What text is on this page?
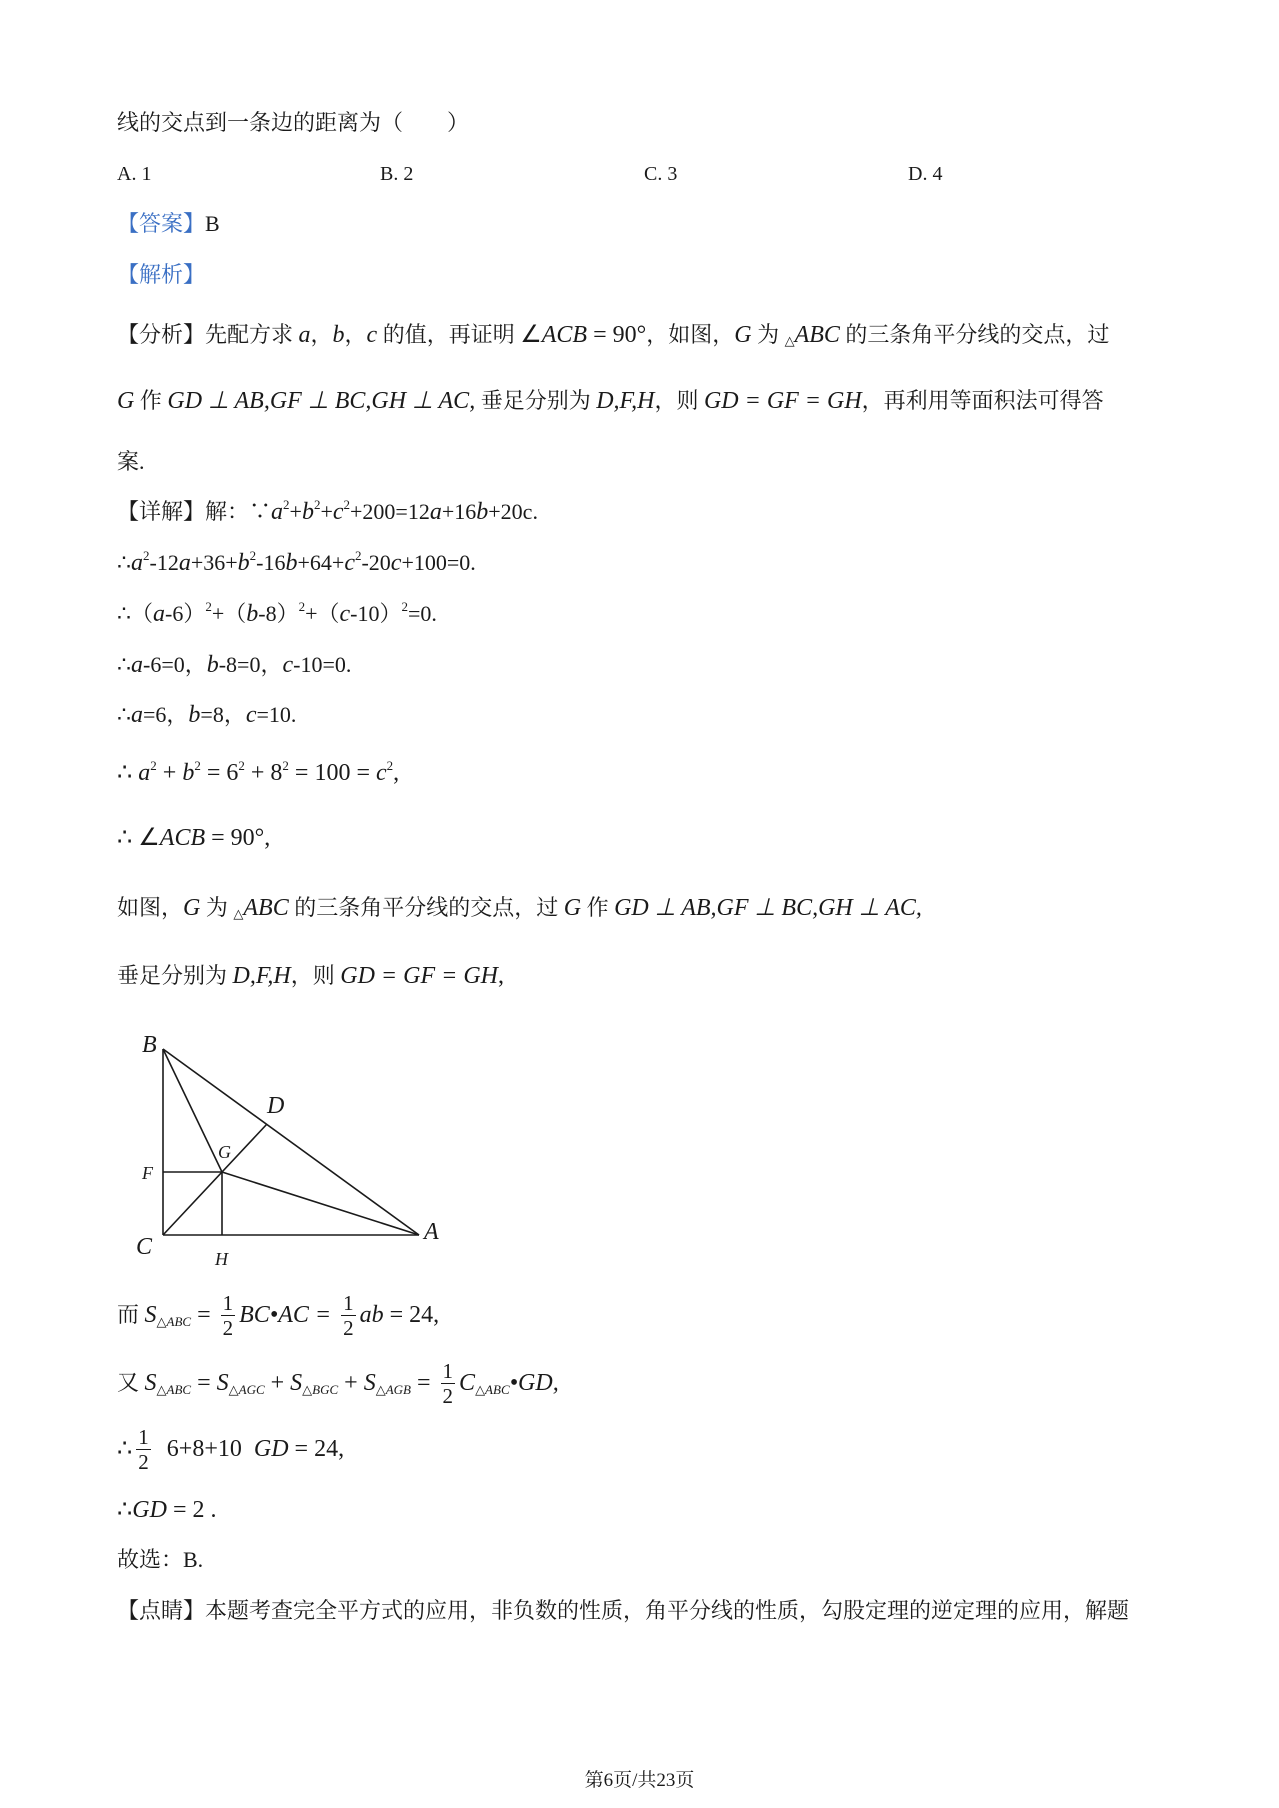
线的交点到一条边的距离为（　　）
A. 1	B. 2	C. 3	D. 4
【答案】 B
【解析】
【分析】先配方求 a ， b ， c 的值，再证明 ∠ ACB = 90° ，如图， G 为 △ ABC 的三条角平分线的交点，过
G 作 GD ⊥ AB,GF ⊥ BC,GH ⊥ AC, 垂足分别为 D,F,H ，则 GD = GF = GH ，再利用等面积法可得答
案.
【详解】解：∵ a 2 + b 2 + c 2 +200=12 a +16 b +20c.
∴ a 2 -12 a +36+ b 2 -16 b +64+ c 2 -20 c +100=0.
∴（ a -6） 2 +（ b -8） 2 +（ c -10） 2 =0.
∴ a -6=0， b -8=0， c -10=0.
∴ a =6， b =8， c =10.
∴ a 2 + b 2 = 6 2 + 8 2 = 100 = c 2 ,
∴ ∠ ACB = 90°,
如图， G 为 △ ABC 的三条角平分线的交点，过 G 作 GD ⊥ AB,GF ⊥ BC,GH ⊥ AC,
垂足分别为 D,F,H ，则 GD = GF = GH ,
B
D
G
F
C	H
A
而 S △ABC = $\frac{1}{2}$ BC•AC = $\frac{1}{2}$ ab = 24,
又 S △ABC = S △AGC + S △BGC + S △AGB = $\frac{1}{2}$ C △ABC •GD,
∴ $\frac{1}{2} 6+8+10$ GD = 24,
∴ GD = 2 .
故选：B.
【点睛】本题考查完全平方式的应用，非负数的性质，角平分线的性质，勾股定理的逆定理的应用，解题
第6页/共23页
